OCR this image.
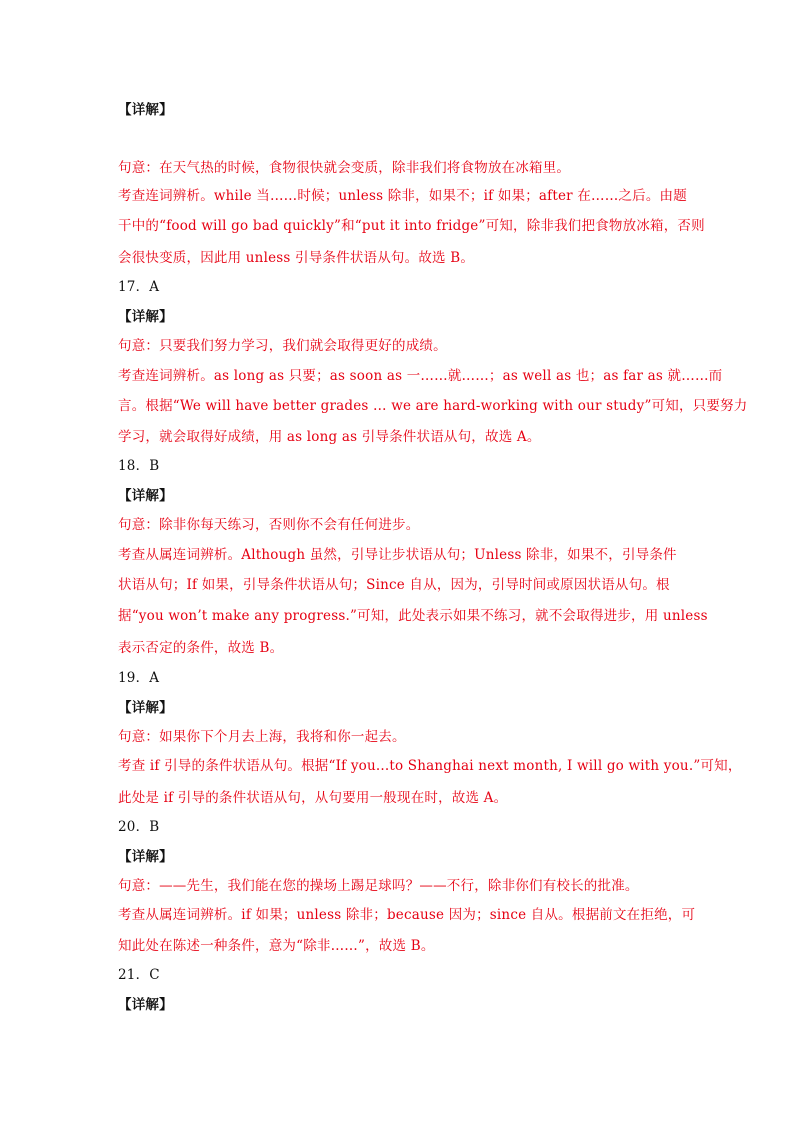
【详解】
句意：在天气热的时候，食物很快就会变质，除非我们将食物放在冰箱里。
考查连词辨析。while 当……时候；unless 除非，如果不；if 如果；after 在……之后。由题
干中的“food will go bad quickly”和“put it into fridge”可知，除非我们把食物放冰箱，否则
会很快变质，因此用 unless 引导条件状语从句。故选 B。
17．A
【详解】
句意：只要我们努力学习，我们就会取得更好的成绩。
考查连词辨析。as long as 只要；as soon as 一……就……；as well as 也；as far as 就……而
言。根据“We will have better grades … we are hard-working with our study”可知，只要努力
学习，就会取得好成绩，用 as long as 引导条件状语从句，故选 A。
18．B
【详解】
句意：除非你每天练习，否则你不会有任何进步。
考查从属连词辨析。Although 虽然，引导让步状语从句；Unless 除非，如果不，引导条件
状语从句；If 如果，引导条件状语从句；Since 自从，因为，引导时间或原因状语从句。根
据“you won’t make any progress.”可知，此处表示如果不练习，就不会取得进步，用 unless
表示否定的条件，故选 B。
19．A
【详解】
句意：如果你下个月去上海，我将和你一起去。
考查 if 引导的条件状语从句。根据“If you...to Shanghai next month, I will go with you.”可知，
此处是 if 引导的条件状语从句，从句要用一般现在时，故选 A。
20．B
【详解】
句意：——先生，我们能在您的操场上踢足球吗？——不行，除非你们有校长的批准。
考查从属连词辨析。if 如果；unless 除非；because 因为；since 自从。根据前文在拒绝，可
知此处在陈述一种条件，意为“除非……”，故选 B。
21．C
【详解】
